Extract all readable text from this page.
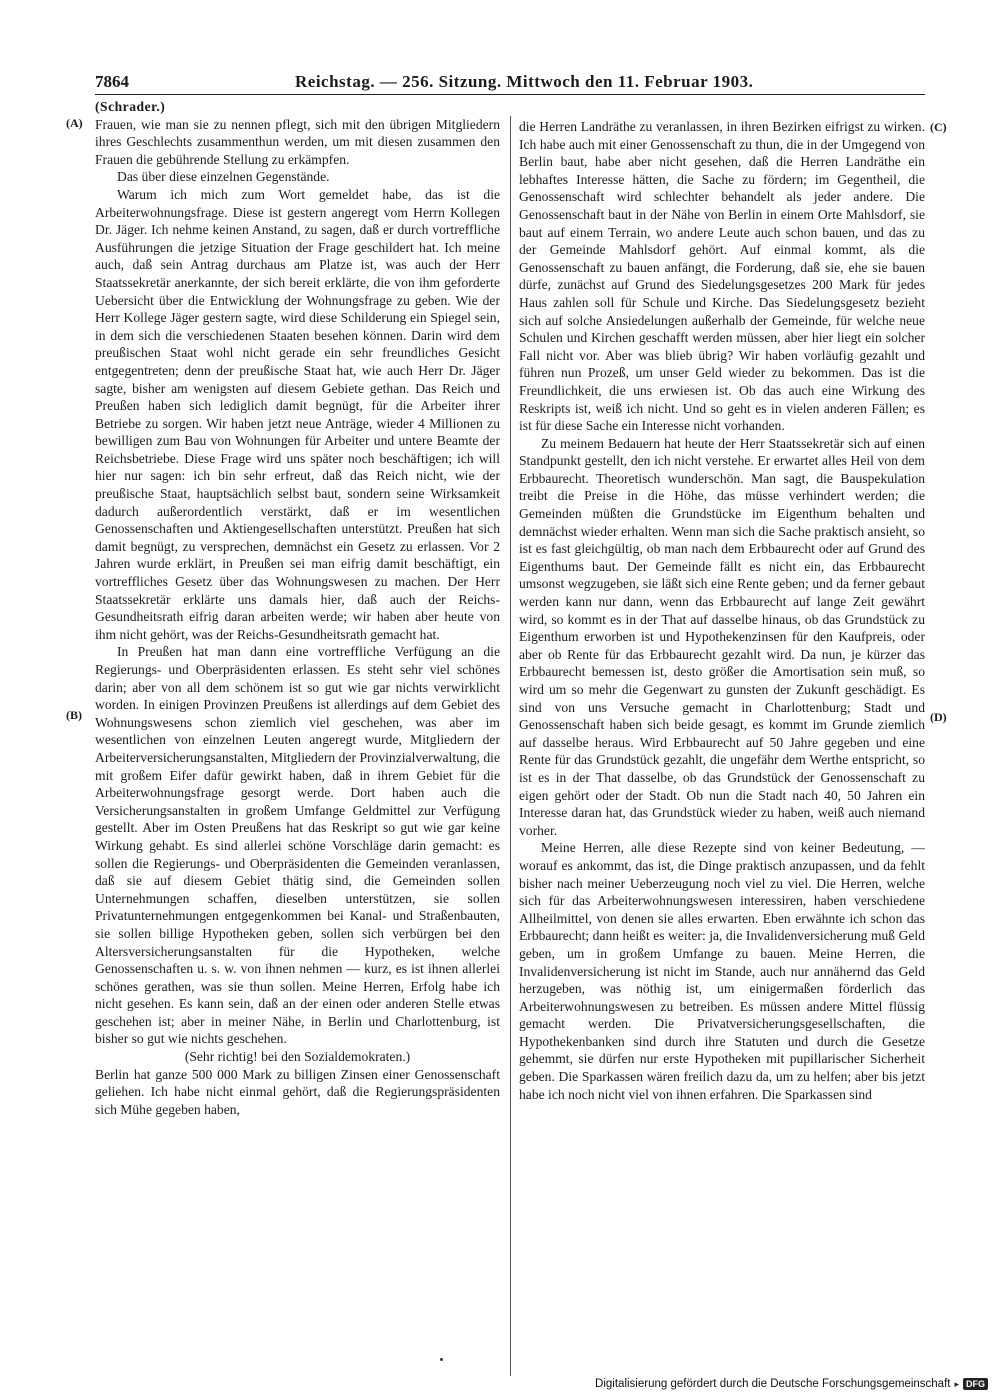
7864	Reichstag. — 256. Sitzung. Mittwoch den 11. Februar 1903.
(A)
(B)
(C)
(D)

(Schrader.)

Frauen, wie man sie zu nennen pflegt, sich mit den übrigen Mitgliedern ihres Geschlechts zusammenthun werden, um mit diesen zusammen den Frauen die gebührende Stellung zu erkämpfen.

Das über diese einzelnen Gegenstände.

Warum ich mich zum Wort gemeldet habe, das ist die Arbeiterwohnungsfrage. Diese ist gestern angeregt vom Herrn Kollegen Dr. Jäger. Ich nehme keinen Anstand, zu sagen, daß er durch vortreffliche Ausführungen die jetzige Situation der Frage geschildert hat. Ich meine auch, daß sein Antrag durchaus am Platze ist, was auch der Herr Staatssekretär anerkannte, der sich bereit erklärte, die von ihm geforderte Uebersicht über die Entwicklung der Wohnungsfrage zu geben. Wie der Herr Kollege Jäger gestern sagte, wird diese Schilderung ein Spiegel sein, in dem sich die verschiedenen Staaten besehen können. Darin wird dem preußischen Staat wohl nicht gerade ein sehr freundliches Gesicht entgegentreten; denn der preußische Staat hat, wie auch Herr Dr. Jäger sagte, bisher am wenigsten auf diesem Gebiete gethan. Das Reich und Preußen haben sich lediglich damit begnügt, für die Arbeiter ihrer Betriebe zu sorgen. Wir haben jetzt neue Anträge, wieder 4 Millionen zu bewilligen zum Bau von Wohnungen für Arbeiter und untere Beamte der Reichsbetriebe. Diese Frage wird uns später noch beschäftigen; ich will hier nur sagen: ich bin sehr erfreut, daß das Reich nicht, wie der preußische Staat, hauptsächlich selbst baut, sondern seine Wirksamkeit dadurch außerordentlich verstärkt, daß er im wesentlichen Genossenschaften und Aktiengesellschaften unterstützt. Preußen hat sich damit begnügt, zu versprechen, demnächst ein Gesetz zu erlassen. Vor 2 Jahren wurde erklärt, in Preußen sei man eifrig damit beschäftigt, ein vortreffliches Gesetz über das Wohnungswesen zu machen. Der Herr Staatssekretär erklärte uns damals hier, daß auch der Reichs-Gesundheitsrath eifrig daran arbeiten werde; wir haben aber heute von ihm nicht gehört, was der Reichs-Gesundheitsrath gemacht hat.

In Preußen hat man dann eine vortreffliche Verfügung an die Regierungs- und Oberpräsidenten erlassen. Es steht sehr viel schönes darin; aber von all dem schönem ist so gut wie gar nichts verwirklicht worden. In einigen Provinzen Preußens ist allerdings auf dem Gebiet des Wohnungswesens schon ziemlich viel geschehen, was aber im wesentlichen von einzelnen Leuten angeregt wurde, Mitgliedern der Arbeiterversicherungsanstalten, Mitgliedern der Provinzialverwaltung, die mit großem Eifer dafür gewirkt haben, daß in ihrem Gebiet für die Arbeiterwohnungsfrage gesorgt werde. Dort haben auch die Versicherungsanstalten in großem Umfange Geldmittel zur Verfügung gestellt. Aber im Osten Preußens hat das Reskript so gut wie gar keine Wirkung gehabt. Es sind allerlei schöne Vorschläge darin gemacht: es sollen die Regierungs- und Oberpräsidenten die Gemeinden veranlassen, daß sie auf diesem Gebiet thätig sind, die Gemeinden sollen Unternehmungen schaffen, dieselben unterstützen, sie sollen Privatunternehmungen entgegenkommen bei Kanal- und Straßenbauten, sie sollen billige Hypotheken geben, sollen sich verbürgen bei den Altersversicherungsanstalten für die Hypotheken, welche Genossenschaften u. s. w. von ihnen nehmen — kurz, es ist ihnen allerlei schönes gerathen, was sie thun sollen. Meine Herren, Erfolg habe ich nicht gesehen. Es kann sein, daß an der einen oder anderen Stelle etwas geschehen ist; aber in meiner Nähe, in Berlin und Charlottenburg, ist bisher so gut wie nichts geschehen.

(Sehr richtig! bei den Sozialdemokraten.)

Berlin hat ganze 500 000 Mark zu billigen Zinsen einer Genossenschaft geliehen. Ich habe nicht einmal gehört, daß die Regierungspräsidenten sich Mühe gegeben haben,

die Herren Landräthe zu veranlassen, in ihren Bezirken eifrigst zu wirken. Ich habe auch mit einer Genossenschaft zu thun, die in der Umgegend von Berlin baut, habe aber nicht gesehen, daß die Herren Landräthe ein lebhaftes Interesse hätten, die Sache zu fördern; im Gegentheil, die Genossenschaft wird schlechter behandelt als jeder andere. Die Genossenschaft baut in der Nähe von Berlin in einem Orte Mahlsdorf, sie baut auf einem Terrain, wo andere Leute auch schon bauen, und das zu der Gemeinde Mahlsdorf gehört. Auf einmal kommt, als die Genossenschaft zu bauen anfängt, die Forderung, daß sie, ehe sie bauen dürfe, zunächst auf Grund des Siedelungsgesetzes 200 Mark für jedes Haus zahlen soll für Schule und Kirche. Das Siedelungsgesetz bezieht sich auf solche Ansiedelungen außerhalb der Gemeinde, für welche neue Schulen und Kirchen geschafft werden müssen, aber hier liegt ein solcher Fall nicht vor. Aber was blieb übrig? Wir haben vorläufig gezahlt und führen nun Prozeß, um unser Geld wieder zu bekommen. Das ist die Freundlichkeit, die uns erwiesen ist. Ob das auch eine Wirkung des Reskripts ist, weiß ich nicht. Und so geht es in vielen anderen Fällen; es ist für diese Sache ein Interesse nicht vorhanden.

Zu meinem Bedauern hat heute der Herr Staatssekretär sich auf einen Standpunkt gestellt, den ich nicht verstehe. Er erwartet alles Heil von dem Erbbaurecht. Theoretisch wunderschön. Man sagt, die Bauspekulation treibt die Preise in die Höhe, das müsse verhindert werden; die Gemeinden müßten die Grundstücke im Eigenthum behalten und demnächst wieder erhalten. Wenn man sich die Sache praktisch ansieht, so ist es fast gleichgültig, ob man nach dem Erbbaurecht oder auf Grund des Eigenthums baut. Der Gemeinde fällt es nicht ein, das Erbbaurecht umsonst wegzugeben, sie läßt sich eine Rente geben; und da ferner gebaut werden kann nur dann, wenn das Erbbaurecht auf lange Zeit gewährt wird, so kommt es in der That auf dasselbe hinaus, ob das Grundstück zu Eigenthum erworben ist und Hypothekenzinsen für den Kaufpreis, oder aber ob Rente für das Erbbaurecht gezahlt wird. Da nun, je kürzer das Erbbaurecht bemessen ist, desto größer die Amortisation sein muß, so wird um so mehr die Gegenwart zu gunsten der Zukunft geschädigt. Es sind von uns Versuche gemacht in Charlottenburg; Stadt und Genossenschaft haben sich beide gesagt, es kommt im Grunde ziemlich auf dasselbe heraus. Wird Erbbaurecht auf 50 Jahre gegeben und eine Rente für das Grundstück gezahlt, die ungefähr dem Werthe entspricht, so ist es in der That dasselbe, ob das Grundstück der Genossenschaft zu eigen gehört oder der Stadt. Ob nun die Stadt nach 40, 50 Jahren ein Interesse daran hat, das Grundstück wieder zu haben, weiß auch niemand vorher.

Meine Herren, alle diese Rezepte sind von keiner Bedeutung, — worauf es ankommt, das ist, die Dinge praktisch anzupassen, und da fehlt bisher nach meiner Ueberzeugung noch viel zu viel. Die Herren, welche sich für das Arbeiterwohnungswesen interessiren, haben verschiedene Allheilmittel, von denen sie alles erwarten. Eben erwähnte ich schon das Erbbaurecht; dann heißt es weiter: ja, die Invalidenversicherung muß Geld geben, um in großem Umfange zu bauen. Meine Herren, die Invalidenversicherung ist nicht im Stande, auch nur annähernd das Geld herzugeben, was nöthig ist, um einigermaßen förderlich das Arbeiterwohnungswesen zu betreiben. Es müssen andere Mittel flüssig gemacht werden. Die Privatversicherungsgesellschaften, die Hypothekenbanken sind durch ihre Statuten und durch die Gesetze gehemmt, sie dürfen nur erste Hypotheken mit pupillarischer Sicherheit geben. Die Sparkassen wären freilich dazu da, um zu helfen; aber bis jetzt habe ich noch nicht viel von ihnen erfahren. Die Sparkassen sind

Digitalisierung gefördert durch die Deutsche Forschungsgemeinschaft ▸ DFG
